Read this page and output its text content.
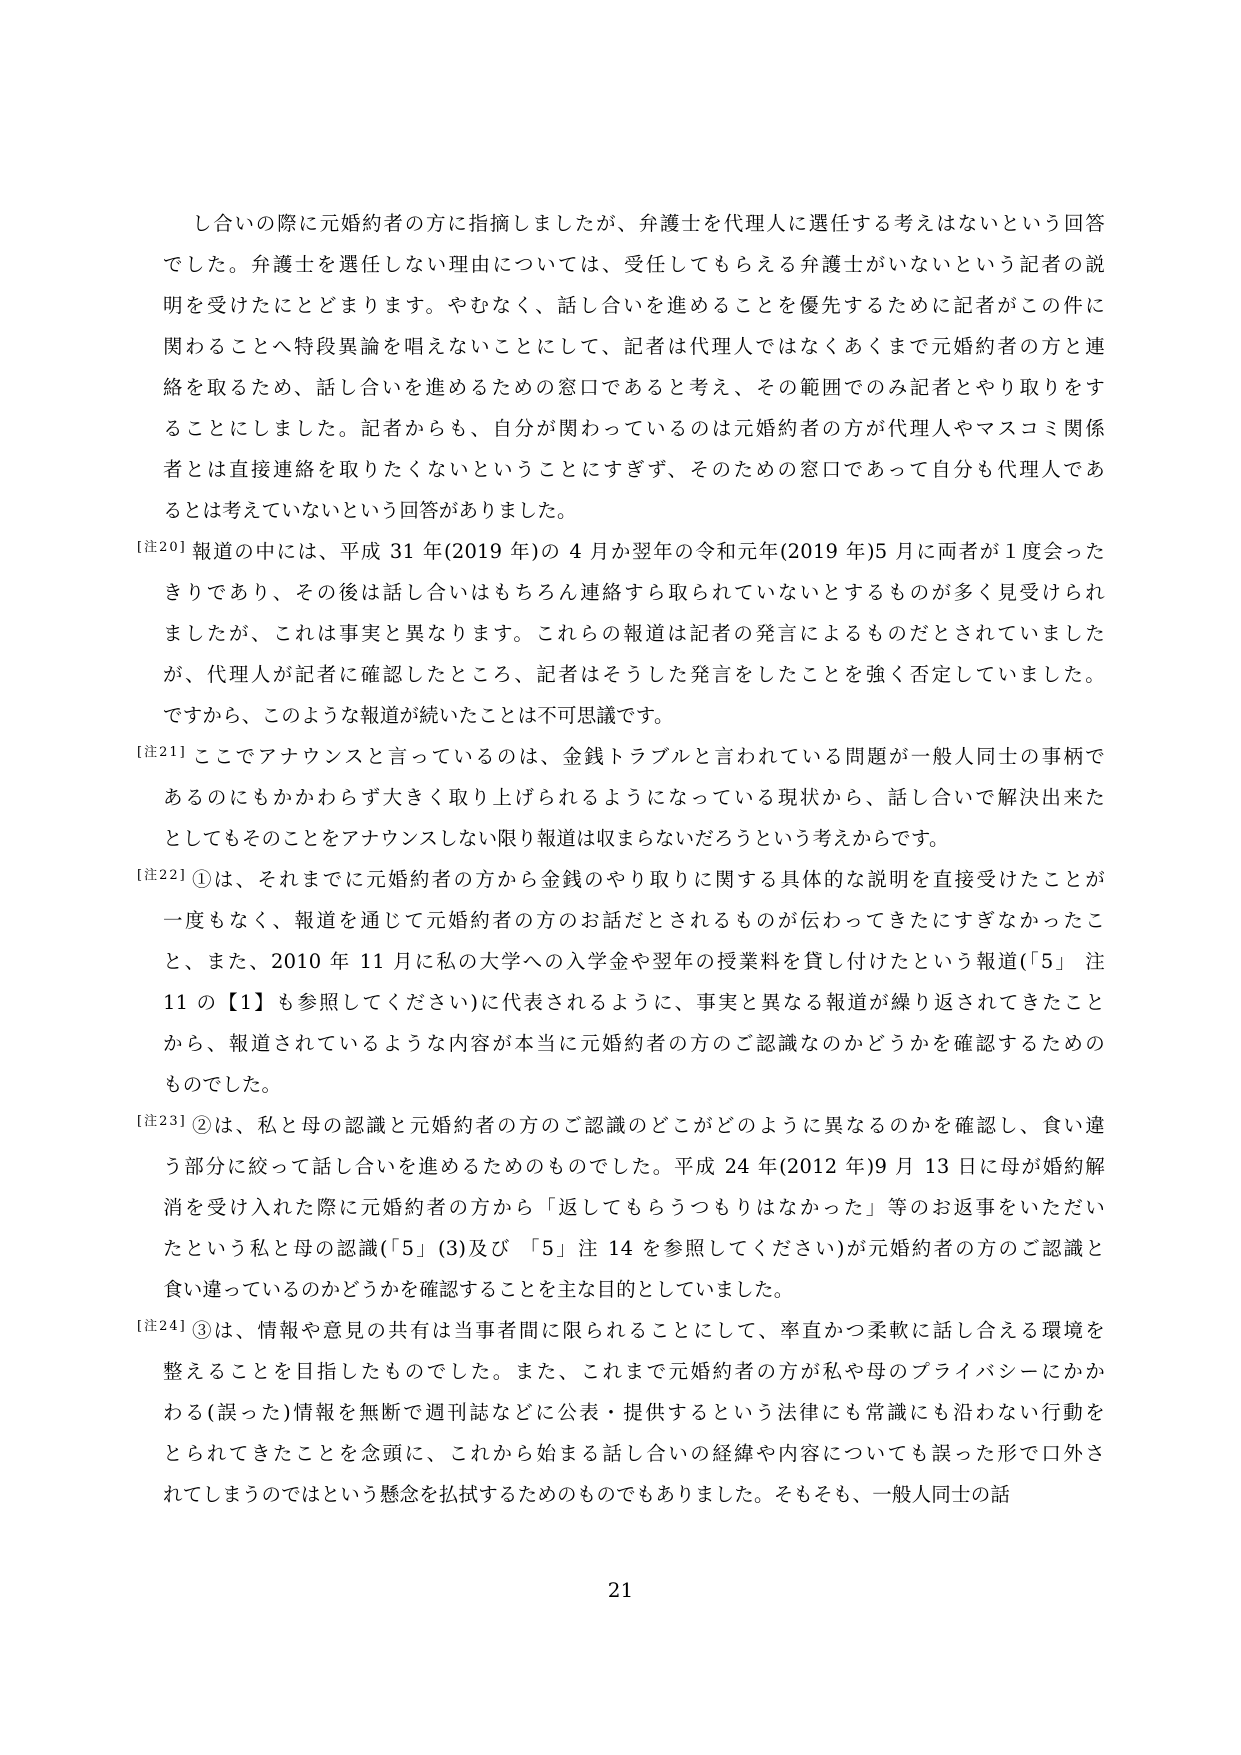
し合いの際に元婚約者の方に指摘しましたが、弁護士を代理人に選任する考えはないという回答
でした。弁護士を選任しない理由については、受任してもらえる弁護士がいないという記者の説
明を受けたにとどまります。やむなく、話し合いを進めることを優先するために記者がこの件に
関わることへ特段異論を唱えないことにして、記者は代理人ではなくあくまで元婚約者の方と連
絡を取るため、話し合いを進めるための窓口であると考え、その範囲でのみ記者とやり取りをす
ることにしました。記者からも、自分が関わっているのは元婚約者の方が代理人やマスコミ関係
者とは直接連絡を取りたくないということにすぎず、そのための窓口であって自分も代理人であ
るとは考えていないという回答がありました。
[注20] 報道の中には、平成 31 年(2019 年)の 4 月か翌年の令和元年(2019 年)5 月に両者が１度会った
きりであり、その後は話し合いはもちろん連絡すら取られていないとするものが多く見受けられ
ましたが、これは事実と異なります。これらの報道は記者の発言によるものだとされていました
が、代理人が記者に確認したところ、記者はそうした発言をしたことを強く否定していました。
ですから、このような報道が続いたことは不可思議です。
[注21] ここでアナウンスと言っているのは、金銭トラブルと言われている問題が一般人同士の事柄で
あるのにもかかわらず大きく取り上げられるようになっている現状から、話し合いで解決出来た
としてもそのことをアナウンスしない限り報道は収まらないだろうという考えからです。
[注22] ①は、それまでに元婚約者の方から金銭のやり取りに関する具体的な説明を直接受けたことが
一度もなく、報道を通じて元婚約者の方のお話だとされるものが伝わってきたにすぎなかったこ
と、また、2010 年 11 月に私の大学への入学金や翌年の授業料を貸し付けたという報道(「5」 注
11 の【1】も参照してください)に代表されるように、事実と異なる報道が繰り返されてきたこと
から、報道されているような内容が本当に元婚約者の方のご認識なのかどうかを確認するための
ものでした。
[注23] ②は、私と母の認識と元婚約者の方のご認識のどこがどのように異なるのかを確認し、食い違
う部分に絞って話し合いを進めるためのものでした。平成 24 年(2012 年)9 月 13 日に母が婚約解
消を受け入れた際に元婚約者の方から「返してもらうつもりはなかった」等のお返事をいただい
たという私と母の認識(「5」(3)及び 「5」注 14 を参照してください)が元婚約者の方のご認識と
食い違っているのかどうかを確認することを主な目的としていました。
[注24] ③は、情報や意見の共有は当事者間に限られることにして、率直かつ柔軟に話し合える環境を
整えることを目指したものでした。また、これまで元婚約者の方が私や母のプライバシーにかか
わる(誤った)情報を無断で週刊誌などに公表・提供するという法律にも常識にも沿わない行動を
とられてきたことを念頭に、これから始まる話し合いの経緯や内容についても誤った形で口外さ
れてしまうのではという懸念を払拭するためのものでもありました。そもそも、一般人同士の話
21
